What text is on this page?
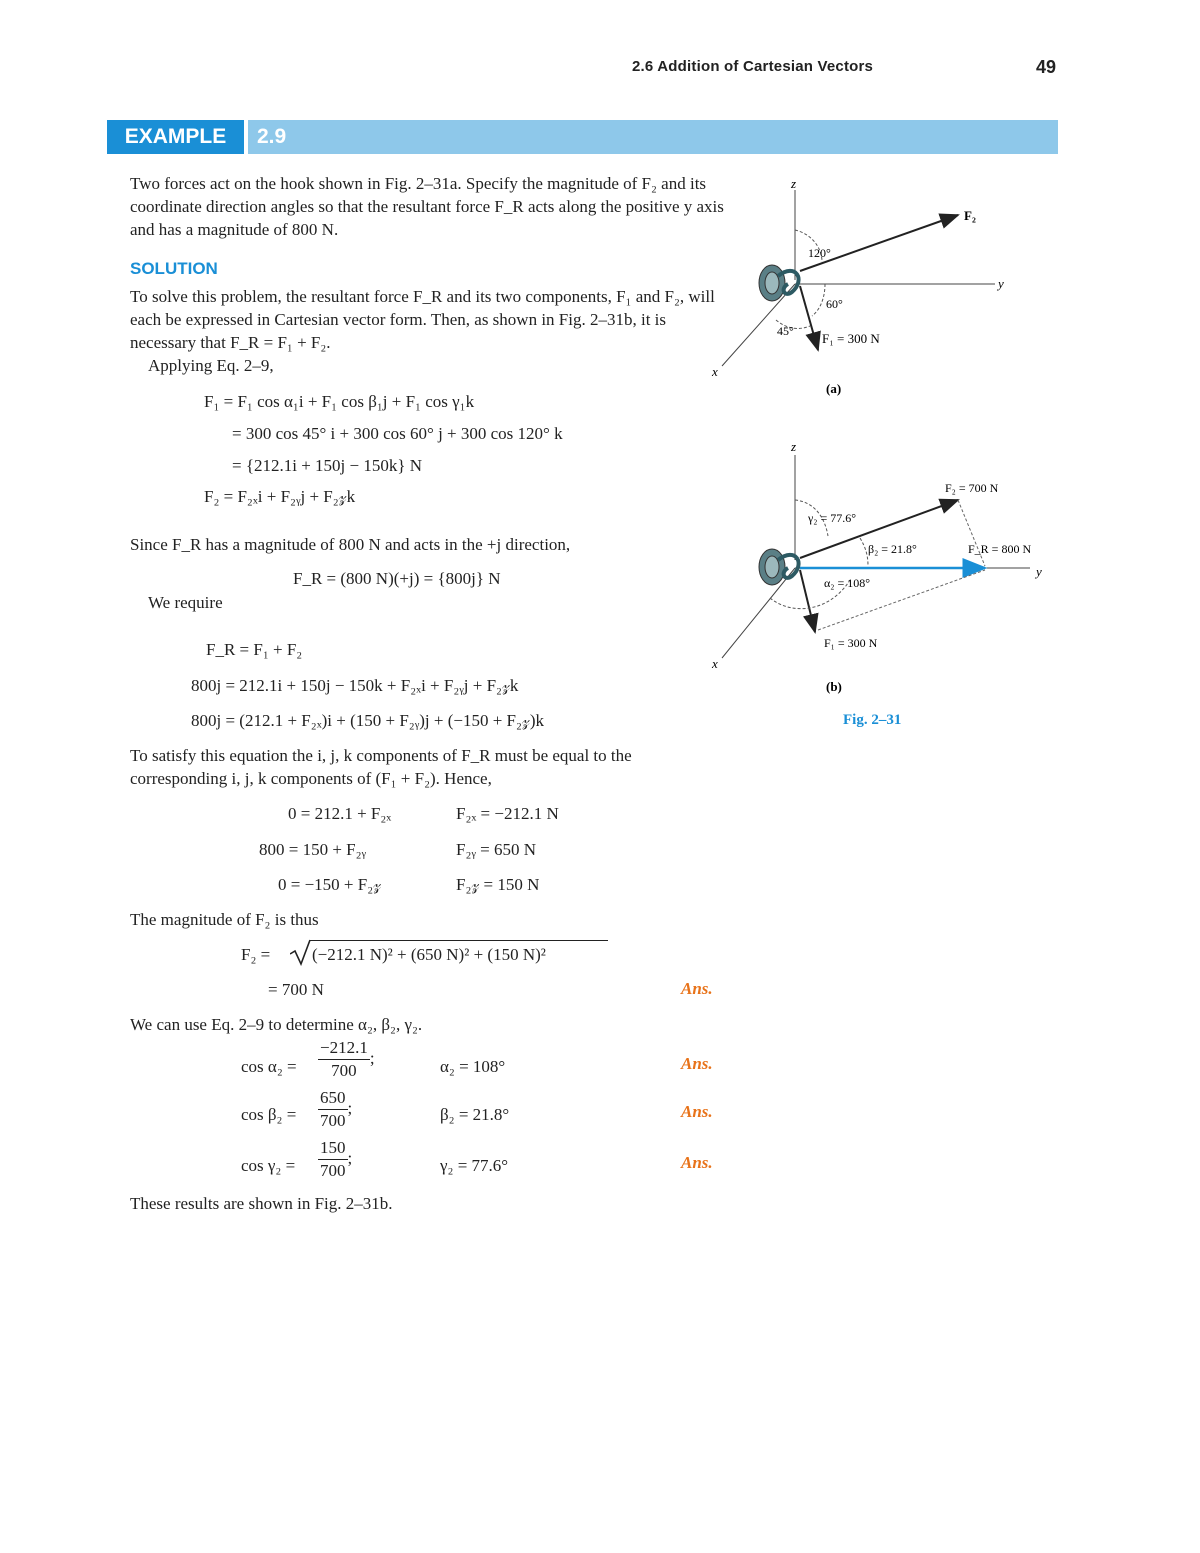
2.6 Addition of Cartesian Vectors	49
EXAMPLE	2.9
Two forces act on the hook shown in Fig. 2–31a. Specify the magnitude of F₂ and its coordinate direction angles so that the resultant force F_R acts along the positive y axis and has a magnitude of 800 N.
SOLUTION
To solve this problem, the resultant force F_R and its two components, F₁ and F₂, will each be expressed in Cartesian vector form. Then, as shown in Fig. 2–31b, it is necessary that F_R = F₁ + F₂.
Applying Eq. 2–9,
F₁ = F₁ cos α₁i + F₁ cos β₁j + F₁ cos γ₁k
= 300 cos 45° i + 300 cos 60° j + 300 cos 120° k
= {212.1i + 150j − 150k} N
F₂ = F₂ₓi + F₂ᵧj + F₂𝓏k
Since F_R has a magnitude of 800 N and acts in the +j direction,
F_R = (800 N)(+j) = {800j} N
We require
F_R = F₁ + F₂
800j = 212.1i + 150j − 150k + F₂ₓi + F₂ᵧj + F₂𝓏k
800j = (212.1 + F₂ₓ)i + (150 + F₂ᵧ)j + (−150 + F₂𝓏)k
To satisfy this equation the i, j, k components of F_R must be equal to the corresponding i, j, k components of (F₁ + F₂). Hence,
0 = 212.1 + F₂ₓ	F₂ₓ = −212.1 N
800 = 150 + F₂ᵧ	F₂ᵧ = 650 N
0 = −150 + F₂𝓏	F₂𝓏 = 150 N
The magnitude of F₂ is thus
F₂ = (−212.1 N)² + (650 N)² + (150 N)²
= 700 N	Ans.
We can use Eq. 2–9 to determine α₂, β₂, γ₂.
$\cos \alpha_2 = \frac{-212.1}{700}$ ;	α₂ = 108°	Ans.
$\cos \beta_2 = \frac{650}{700}$ ;	β₂ = 21.8°	Ans.
$\cos \gamma_2 = \frac{150}{700}$ ;	γ₂ = 77.6°	Ans.
These results are shown in Fig. 2–31b.
z
y
x
F₂
F₁ = 300 N
120°
60°
45°
(a)
z
y
x
F₂ = 700 N
F_R = 800 N
F₁ = 300 N
γ₂ = 77.6°
β₂ = 21.8°
α₂ = 108°
(b)
Fig. 2–31
